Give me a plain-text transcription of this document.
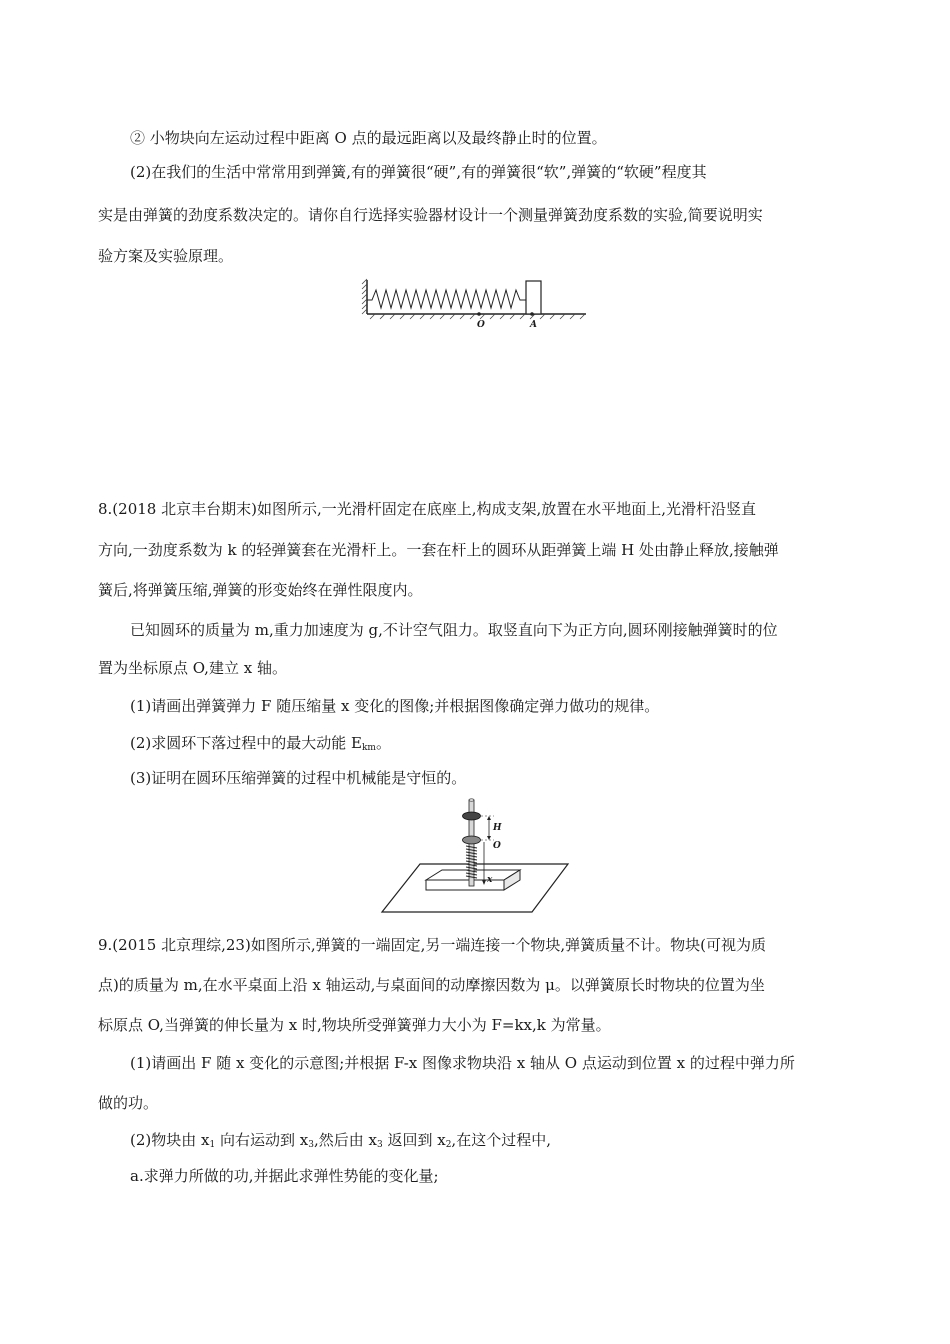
② 小物块向左运动过程中距离 O 点的最远距离以及最终静止时的位置。
(2)在我们的生活中常常用到弹簧,有的弹簧很“硬”,有的弹簧很“软”,弹簧的“软硬”程度其
实是由弹簧的劲度系数决定的。请你自行选择实验器材设计一个测量弹簧劲度系数的实验,简要说明实
验方案及实验原理。
O	A
8.(2018 北京丰台期末)如图所示,一光滑杆固定在底座上,构成支架,放置在水平地面上,光滑杆沿竖直
方向,一劲度系数为 k 的轻弹簧套在光滑杆上。一套在杆上的圆环从距弹簧上端 H 处由静止释放,接触弹
簧后,将弹簧压缩,弹簧的形变始终在弹性限度内。
已知圆环的质量为 m,重力加速度为 g,不计空气阻力。取竖直向下为正方向,圆环刚接触弹簧时的位
置为坐标原点 O,建立 x 轴。
(1)请画出弹簧弹力 F 随压缩量 x 变化的图像;并根据图像确定弹力做功的规律。
(2)求圆环下落过程中的最大动能 $E_{km}$。
(3)证明在圆环压缩弹簧的过程中机械能是守恒的。
H
O
x
9.(2015 北京理综,23)如图所示,弹簧的一端固定,另一端连接一个物块,弹簧质量不计。物块(可视为质
点)的质量为 m,在水平桌面上沿 x 轴运动,与桌面间的动摩擦因数为 μ。以弹簧原长时物块的位置为坐
标原点 O,当弹簧的伸长量为 x 时,物块所受弹簧弹力大小为 F=kx,k 为常量。
(1)请画出 F 随 x 变化的示意图;并根据 F-x 图像求物块沿 x 轴从 O 点运动到位置 x 的过程中弹力所
做的功。
(2)物块由 $x_1$ 向右运动到 $x_3$,然后由 $x_3$ 返回到 $x_2$,在这个过程中,
a.求弹力所做的功,并据此求弹性势能的变化量;
